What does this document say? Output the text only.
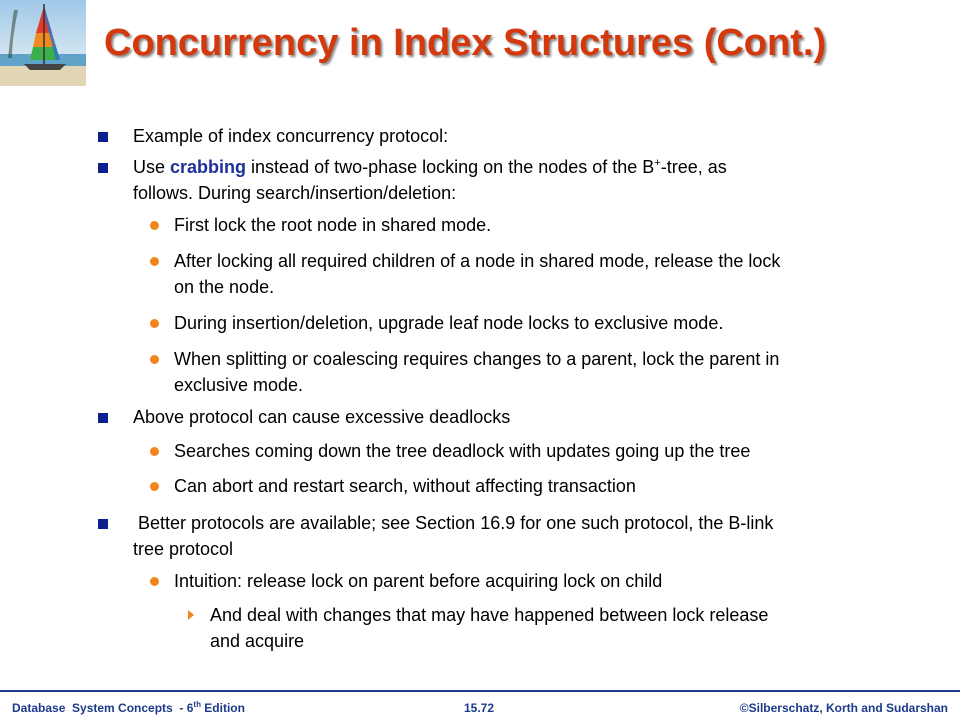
Concurrency in Index Structures (Cont.)
Example of index concurrency protocol:
Use crabbing instead of two-phase locking on the nodes of the B+-tree, as
follows. During search/insertion/deletion:
First lock the root node in shared mode.
After locking all required children of a node in shared mode, release the lock
on the node.
During insertion/deletion, upgrade leaf node locks to exclusive mode.
When splitting or coalescing requires changes to a parent, lock the parent in
exclusive mode.
Above protocol can cause excessive deadlocks
Searches coming down the tree deadlock with updates going up the tree
Can abort and restart search, without affecting transaction
Better protocols are available; see Section 16.9 for one such protocol, the B-link
tree protocol
Intuition: release lock on parent before acquiring lock on child
And deal with changes that may have happened between lock release
and acquire
Database  System Concepts  - 6th Edition	15.72	©Silberschatz, Korth and Sudarshan
